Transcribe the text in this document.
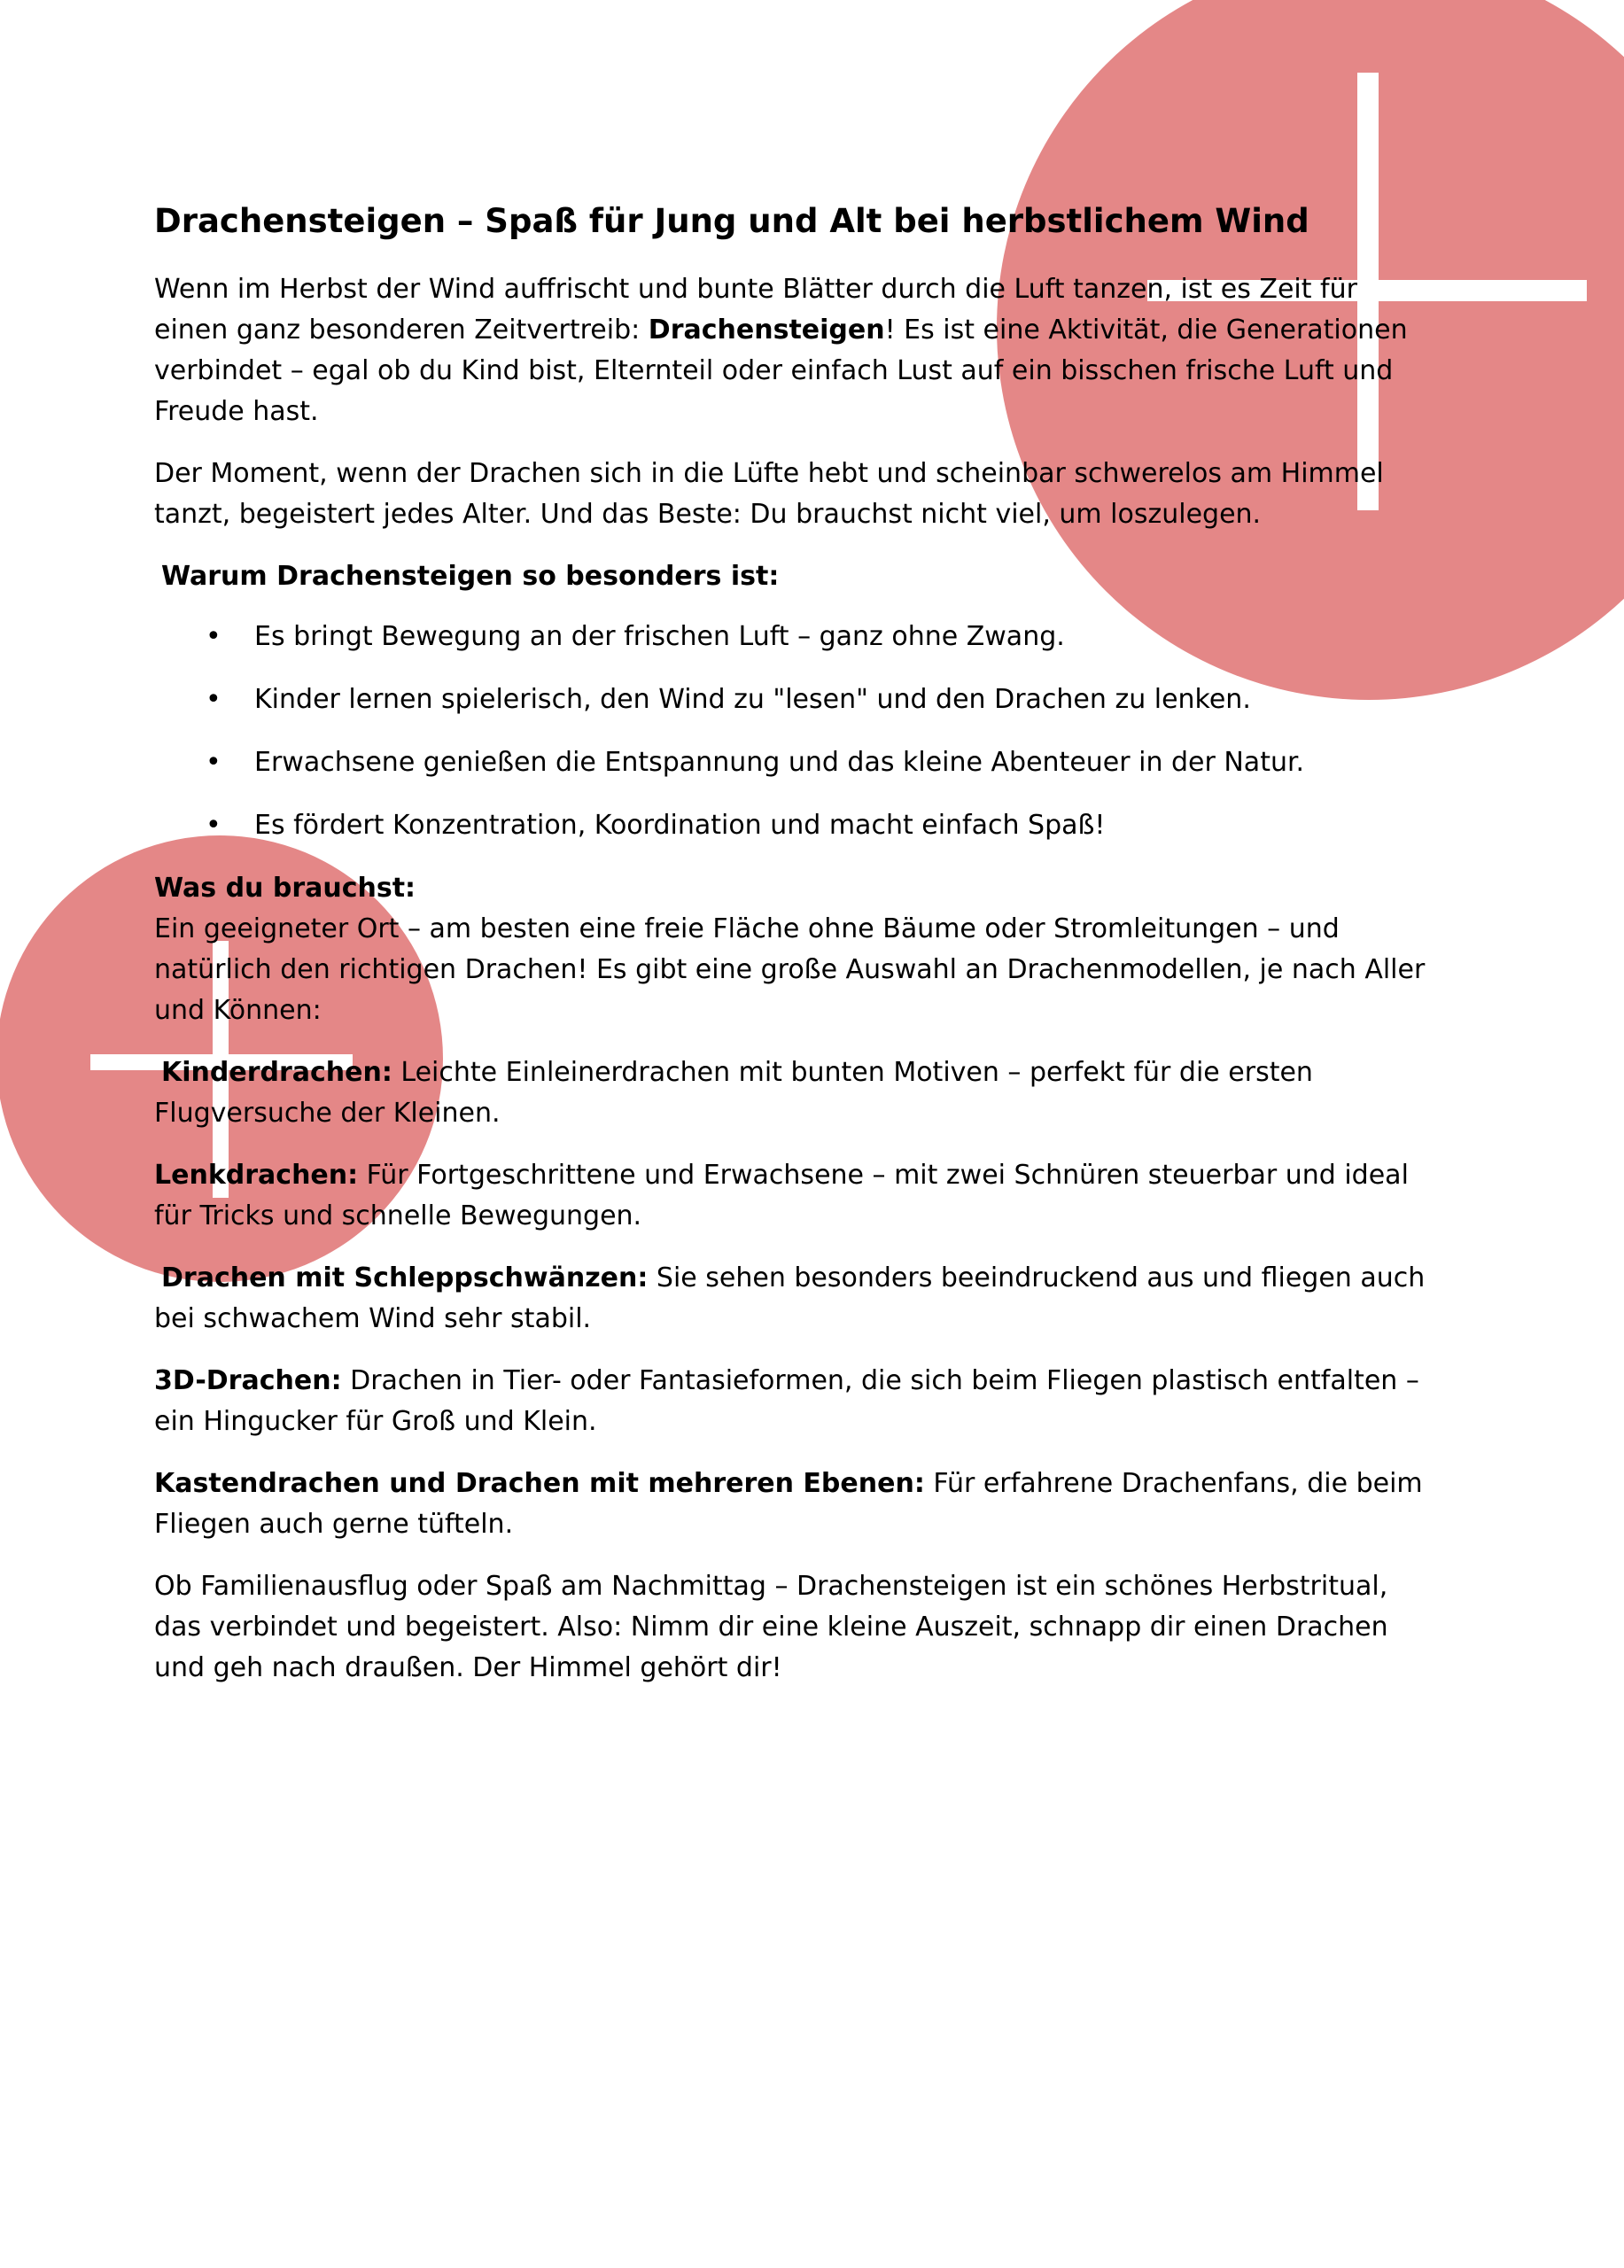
Drachensteigen – Spaß für Jung und Alt bei herbstlichem Wind

Wenn im Herbst der Wind auffrischt und bunte Blätter durch die Luft tanzen, ist es Zeit für einen ganz besonderen Zeitvertreib: Drachensteigen! Es ist eine Aktivität, die Generationen verbindet – egal ob du Kind bist, Elternteil oder einfach Lust auf ein bisschen frische Luft und Freude hast.

Der Moment, wenn der Drachen sich in die Lüfte hebt und scheinbar schwerelos am Himmel tanzt, begeistert jedes Alter. Und das Beste: Du brauchst nicht viel, um loszulegen.

Warum Drachensteigen so besonders ist:
• Es bringt Bewegung an der frischen Luft – ganz ohne Zwang.
• Kinder lernen spielerisch, den Wind zu "lesen" und den Drachen zu lenken.
• Erwachsene genießen die Entspannung und das kleine Abenteuer in der Natur.
• Es fördert Konzentration, Koordination und macht einfach Spaß!

Was du brauchst:
Ein geeigneter Ort – am besten eine freie Fläche ohne Bäume oder Stromleitungen – und natürlich den richtigen Drachen! Es gibt eine große Auswahl an Drachenmodellen, je nach Aller und Können:

Kinderdrachen: Leichte Einleinerdrachen mit bunten Motiven – perfekt für die ersten Flugversuche der Kleinen.

Lenkdrachen: Für Fortgeschrittene und Erwachsene – mit zwei Schnüren steuerbar und ideal für Tricks und schnelle Bewegungen.

Drachen mit Schleppschwänzen: Sie sehen besonders beeindruckend aus und fliegen auch bei schwachem Wind sehr stabil.

3D-Drachen: Drachen in Tier- oder Fantasieformen, die sich beim Fliegen plastisch entfalten – ein Hingucker für Groß und Klein.

Kastendrachen und Drachen mit mehreren Ebenen: Für erfahrene Drachenfans, die beim Fliegen auch gerne tüfteln.

Ob Familienausflug oder Spaß am Nachmittag – Drachensteigen ist ein schönes Herbstritual, das verbindet und begeistert. Also: Nimm dir eine kleine Auszeit, schnapp dir einen Drachen und geh nach draußen. Der Himmel gehört dir!
